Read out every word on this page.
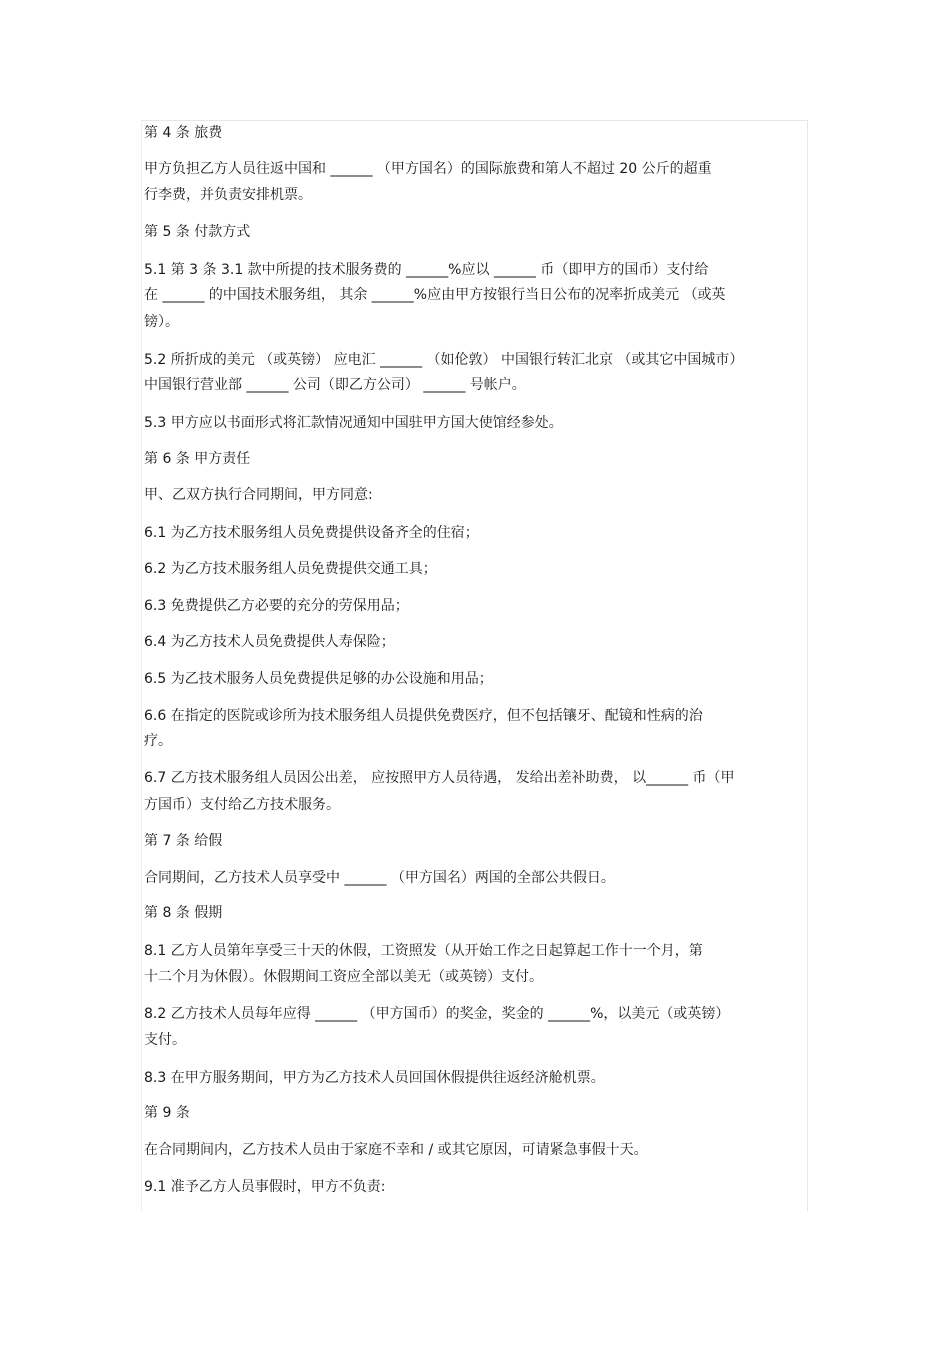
第 4 条 旅费
甲方负担乙方人员往返中国和 ______ （甲方国名）的国际旅费和第人不超过 20 公斤的超重
行李费，并负责安排机票。
第 5 条 付款方式
5.1 第 3 条 3.1 款中所提的技术服务费的 ______%应以 ______ 币（即甲方的国币）支付给
在 ______ 的中国技术服务组， 其余 ______%应由甲方按银行当日公布的况率折成美元 （或英
镑）。
5.2 所折成的美元 （或英镑） 应电汇 ______ （如伦敦） 中国银行转汇北京 （或其它中国城市）
中国银行营业部 ______ 公司（即乙方公司） ______ 号帐户。
5.3 甲方应以书面形式将汇款情况通知中国驻甲方国大使馆经参处。
第 6 条 甲方责任
甲、乙双方执行合同期间，甲方同意:
6.1 为乙方技术服务组人员免费提供设备齐全的住宿；
6.2 为乙方技术服务组人员免费提供交通工具；
6.3 免费提供乙方必要的充分的劳保用品；
6.4 为乙方技术人员免费提供人寿保险；
6.5 为乙技术服务人员免费提供足够的办公设施和用品；
6.6 在指定的医院或诊所为技术服务组人员提供免费医疗，但不包括镶牙、配镜和性病的治
疗。
6.7 乙方技术服务组人员因公出差， 应按照甲方人员待遇， 发给出差补助费， 以______ 币（甲
方国币）支付给乙方技术服务。
第 7 条 给假
合同期间，乙方技术人员享受中 ______ （甲方国名）两国的全部公共假日。
第 8 条 假期
8.1 乙方人员第年享受三十天的休假，工资照发（从开始工作之日起算起工作十一个月，第
十二个月为休假）。休假期间工资应全部以美无（或英镑）支付。
8.2 乙方技术人员每年应得 ______ （甲方国币）的奖金，奖金的 ______%，以美元（或英镑）
支付。
8.3 在甲方服务期间，甲方为乙方技术人员回国休假提供往返经济舱机票。
第 9 条
在合同期间内，乙方技术人员由于家庭不幸和 / 或其它原因，可请紧急事假十天。
9.1 准予乙方人员事假时，甲方不负责:
